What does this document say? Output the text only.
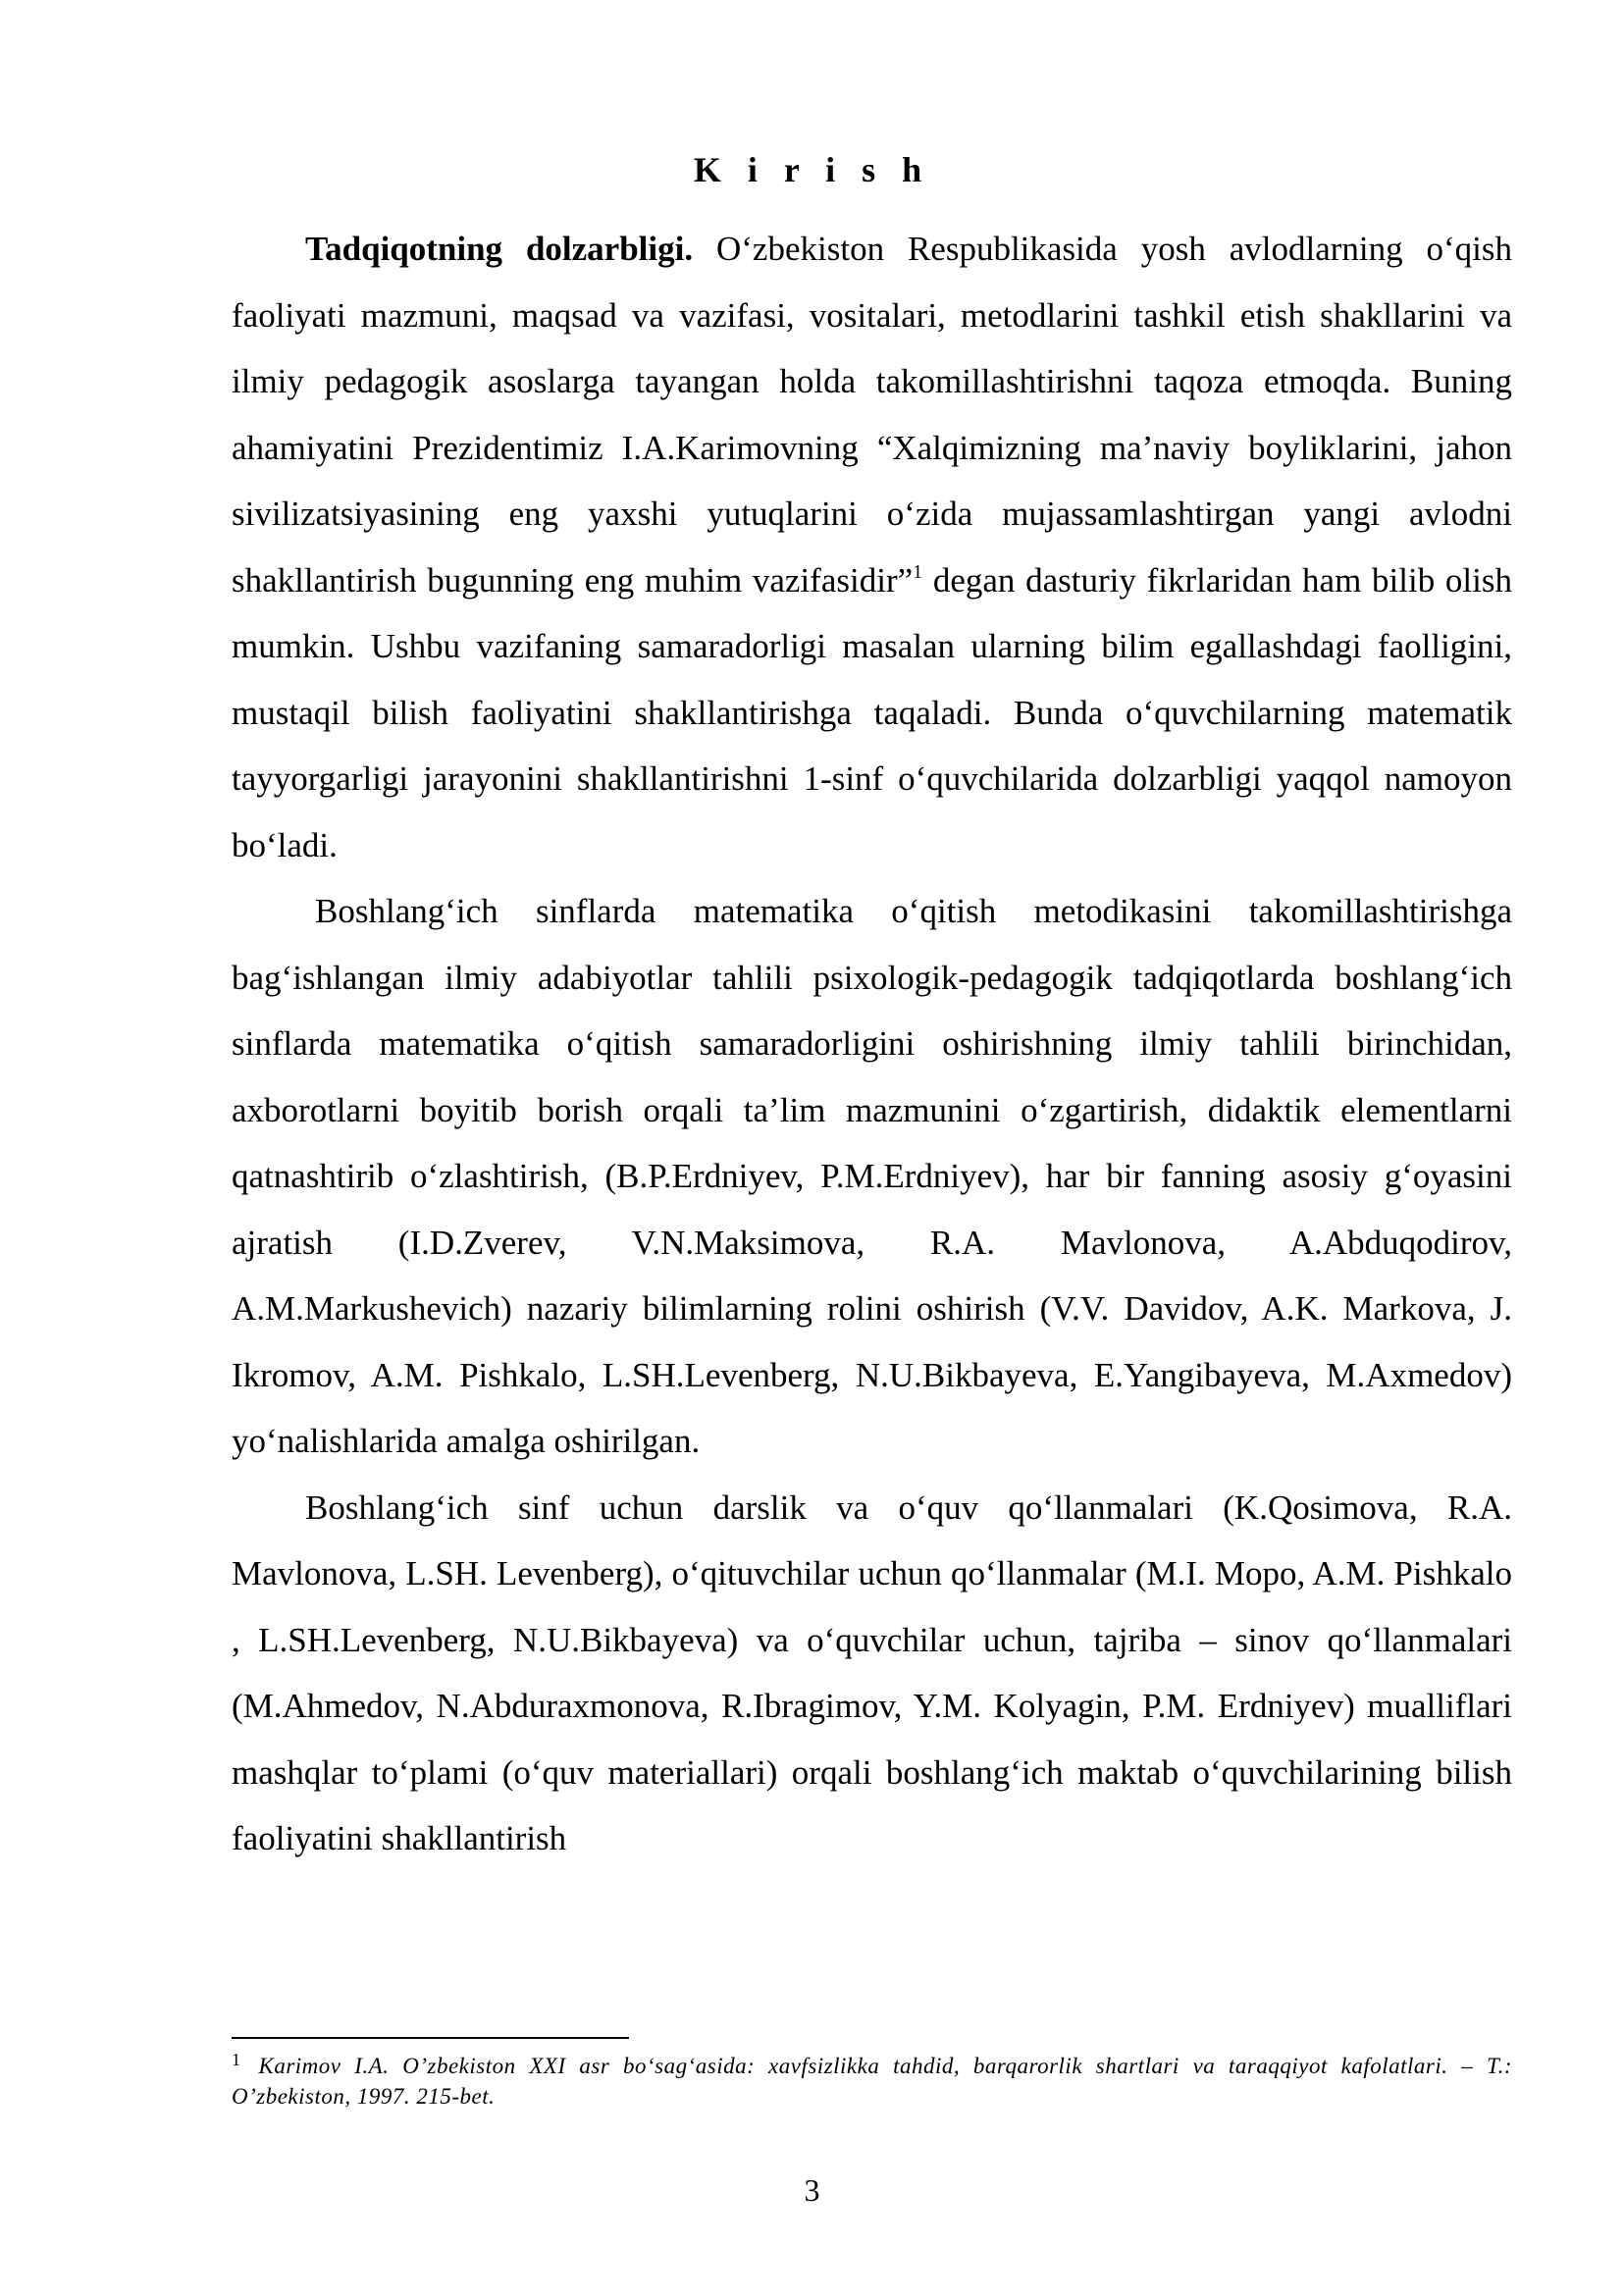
K i r i s h

Tadqiqotning dolzarbligi. O‘zbekiston Respublikasida yosh avlodlarning o‘qish faoliyati mazmuni, maqsad va vazifasi, vositalari, metodlarini tashkil etish shakllarini va ilmiy pedagogik asoslarga tayangan holda takomillashtirishni taqoza etmoqda. Buning ahamiyatini Prezidentimiz I.A.Karimovning “Xalqimizning ma’naviy boyliklarini, jahon sivilizatsiyasining eng yaxshi yutuqlarini o‘zida mujassamlashtirgan yangi avlodni shakllantirish bugunning eng muhim vazifasidir”$^1$ degan dasturiy fikrlaridan ham bilib olish mumkin. Ushbu vazifaning samaradorligi masalan ularning bilim egallashdagi faolligini, mustaqil bilish faoliyatini shakllantirishga taqaladi. Bunda o‘quvchilarning matematik tayyorgarligi jarayonini shakllantirishni 1-sinf o‘quvchilarida dolzarbligi yaqqol namoyon bo‘ladi.

Boshlang‘ich sinflarda matematika o‘qitish metodikasini takomillashtirishga bag‘ishlangan ilmiy adabiyotlar tahlili psixologik-pedagogik tadqiqotlarda boshlang‘ich sinflarda matematika o‘qitish samaradorligini oshirishning ilmiy tahlili birinchidan, axborotlarni boyitib borish orqali ta’lim mazmunini o‘zgartirish, didaktik elementlarni qatnashtirib o‘zlashtirish, (B.P.Erdniyev, P.M.Erdniyev), har bir fanning asosiy g‘oyasini ajratish (I.D.Zverev, V.N.Maksimova, R.A. Mavlonova, A.Abduqodirov, A.M.Markushevich) nazariy bilimlarning rolini oshirish (V.V. Davidov, A.K. Markova, J. Ikromov, A.M. Pishkalo, L.SH.Levenberg, N.U.Bikbayeva, E.Yangibayeva, M.Axmedov) yo‘nalishlarida amalga oshirilgan.

Boshlang‘ich sinf uchun darslik va o‘quv qo‘llanmalari (K.Qosimova, R.A. Mavlonova, L.SH. Levenberg), o‘qituvchilar uchun qo‘llanmalar (M.I. Mopo, A.M. Pishkalo , L.SH.Levenberg, N.U.Bikbayeva) va o‘quvchilar uchun, tajriba – sinov qo‘llanmalari (M.Ahmedov, N.Abduraxmonova, R.Ibragimov, Y.M. Kolyagin, P.M. Erdniyev) mualliflari mashqlar to‘plami (o‘quv materiallari) orqali boshlang‘ich maktab o‘quvchilarining bilish faoliyatini shakllantirish

$^1$ Karimov I.A. O’zbekiston XXI asr bo‘sag‘asida: xavfsizlikka tahdid, barqarorlik shartlari va taraqqiyot kafolatlari. – T.: O’zbekiston, 1997. 215-bet.
3
